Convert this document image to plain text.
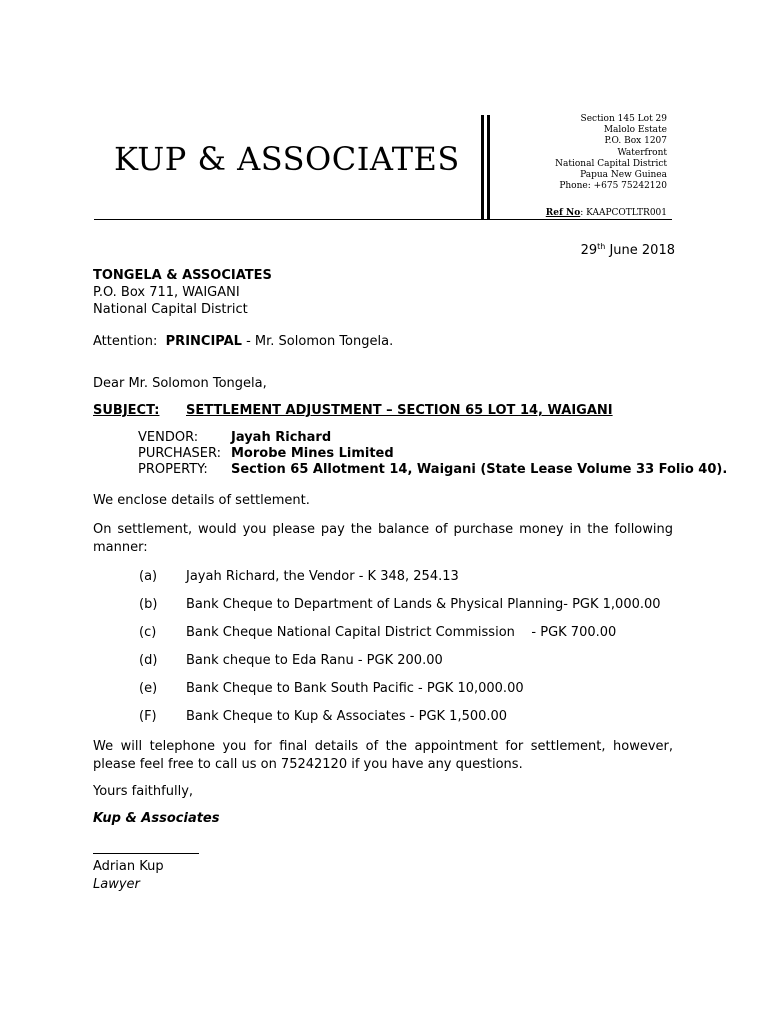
KUP & ASSOCIATES
Section 145 Lot 29
Malolo Estate
P.O. Box 1207
Waterfront
National Capital District
Papua New Guinea
Phone: +675 75242120
Ref No: KAAPCOTLTR001
29th June 2018
TONGELA & ASSOCIATES
P.O. Box 711, WAIGANI
National Capital District
Attention: PRINCIPAL - Mr. Solomon Tongela.
Dear Mr. Solomon Tongela,
SUBJECT: SETTLEMENT ADJUSTMENT – SECTION 65 LOT 14, WAIGANI
VENDOR:	Jayah Richard
PURCHASER: Morobe Mines Limited
PROPERTY: Section 65 Allotment 14, Waigani (State Lease Volume 33 Folio 40).
We enclose details of settlement.
On settlement, would you please pay the balance of purchase money in the following manner:
(a) Jayah Richard, the Vendor - K 348, 254.13
(b) Bank Cheque to Department of Lands & Physical Planning- PGK 1,000.00
(c) Bank Cheque National Capital District Commission    - PGK 700.00
(d) Bank cheque to Eda Ranu - PGK 200.00
(e) Bank Cheque to Bank South Pacific - PGK 10,000.00
(F) Bank Cheque to Kup & Associates - PGK 1,500.00
We will telephone you for final details of the appointment for settlement, however, please feel free to call us on 75242120 if you have any questions.
Yours faithfully,
Kup & Associates
Adrian Kup
Lawyer
